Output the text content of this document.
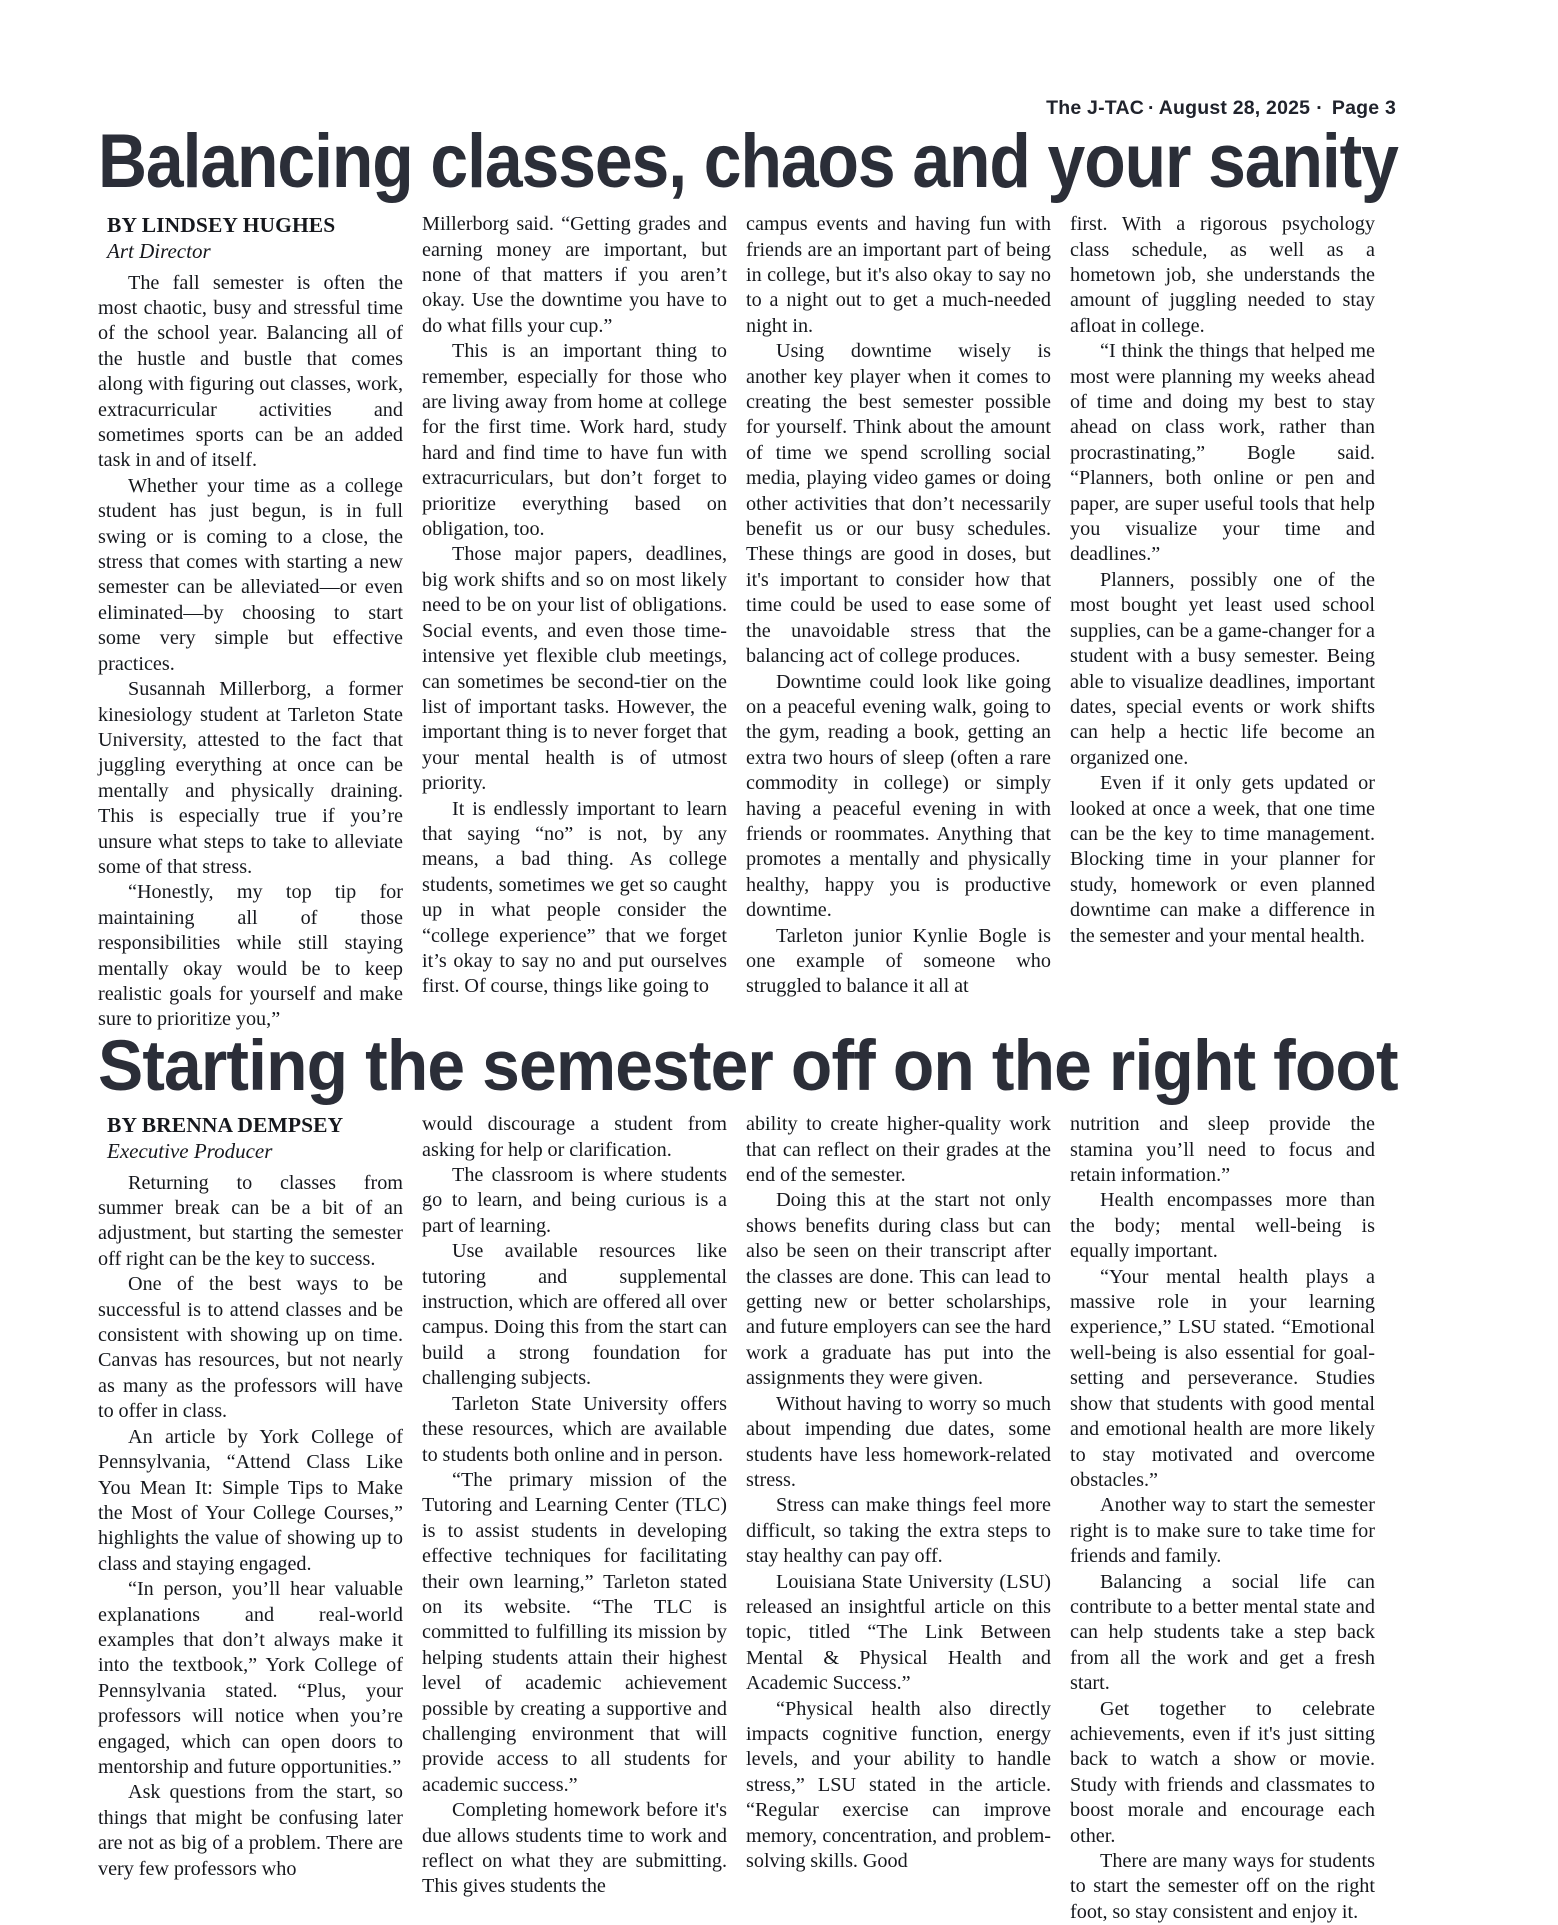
The J-TAC · August 28, 2025 · Page 3
Balancing classes, chaos and your sanity
BY LINDSEY HUGHES
Art Director

The fall semester is often the most chaotic, busy and stressful time of the school year. Balancing all of the hustle and bustle that comes along with figuring out classes, work, extracurricular activities and sometimes sports can be an added task in and of itself.

Whether your time as a college student has just begun, is in full swing or is coming to a close, the stress that comes with starting a new semester can be alleviated—or even eliminated—by choosing to start some very simple but effective practices.

Susannah Millerborg, a former kinesiology student at Tarleton State University, attested to the fact that juggling everything at once can be mentally and physically draining. This is especially true if you’re unsure what steps to take to alleviate some of that stress.

“Honestly, my top tip for maintaining all of those responsibilities while still staying mentally okay would be to keep realistic goals for yourself and make sure to prioritize you,”

Millerborg said. “Getting grades and earning money are important, but none of that matters if you aren’t okay. Use the downtime you have to do what fills your cup.”

This is an important thing to remember, especially for those who are living away from home at college for the first time. Work hard, study hard and find time to have fun with extracurriculars, but don’t forget to prioritize everything based on obligation, too.

Those major papers, deadlines, big work shifts and so on most likely need to be on your list of obligations. Social events, and even those time-intensive yet flexible club meetings, can sometimes be second-tier on the list of important tasks. However, the important thing is to never forget that your mental health is of utmost priority.

It is endlessly important to learn that saying “no” is not, by any means, a bad thing. As college students, sometimes we get so caught up in what people consider the “college experience” that we forget it’s okay to say no and put ourselves first. Of course, things like going to

campus events and having fun with friends are an important part of being in college, but it's also okay to say no to a night out to get a much-needed night in.

Using downtime wisely is another key player when it comes to creating the best semester possible for yourself. Think about the amount of time we spend scrolling social media, playing video games or doing other activities that don’t necessarily benefit us or our busy schedules. These things are good in doses, but it's important to consider how that time could be used to ease some of the unavoidable stress that the balancing act of college produces.

Downtime could look like going on a peaceful evening walk, going to the gym, reading a book, getting an extra two hours of sleep (often a rare commodity in college) or simply having a peaceful evening in with friends or roommates. Anything that promotes a mentally and physically healthy, happy you is productive downtime.

Tarleton junior Kynlie Bogle is one example of someone who struggled to balance it all at

first. With a rigorous psychology class schedule, as well as a hometown job, she understands the amount of juggling needed to stay afloat in college.

“I think the things that helped me most were planning my weeks ahead of time and doing my best to stay ahead on class work, rather than procrastinating,” Bogle said. “Planners, both online or pen and paper, are super useful tools that help you visualize your time and deadlines.”

Planners, possibly one of the most bought yet least used school supplies, can be a game-changer for a student with a busy semester. Being able to visualize deadlines, important dates, special events or work shifts can help a hectic life become an organized one.

Even if it only gets updated or looked at once a week, that one time can be the key to time management. Blocking time in your planner for study, homework or even planned downtime can make a difference in the semester and your mental health.

Starting the semester off on the right foot
BY BRENNA DEMPSEY
Executive Producer

Returning to classes from summer break can be a bit of an adjustment, but starting the semester off right can be the key to success.

One of the best ways to be successful is to attend classes and be consistent with showing up on time. Canvas has resources, but not nearly as many as the professors will have to offer in class.

An article by York College of Pennsylvania, “Attend Class Like You Mean It: Simple Tips to Make the Most of Your College Courses,” highlights the value of showing up to class and staying engaged.

“In person, you’ll hear valuable explanations and real-world examples that don’t always make it into the textbook,” York College of Pennsylvania stated. “Plus, your professors will notice when you’re engaged, which can open doors to mentorship and future opportunities.”

Ask questions from the start, so things that might be confusing later are not as big of a problem. There are very few professors who

would discourage a student from asking for help or clarification.

The classroom is where students go to learn, and being curious is a part of learning.

Use available resources like tutoring and supplemental instruction, which are offered all over campus. Doing this from the start can build a strong foundation for challenging subjects.

Tarleton State University offers these resources, which are available to students both online and in person.

“The primary mission of the Tutoring and Learning Center (TLC) is to assist students in developing effective techniques for facilitating their own learning,” Tarleton stated on its website. “The TLC is committed to fulfilling its mission by helping students attain their highest level of academic achievement possible by creating a supportive and challenging environment that will provide access to all students for academic success.”

Completing homework before it's due allows students time to work and reflect on what they are submitting. This gives students the

ability to create higher-quality work that can reflect on their grades at the end of the semester.

Doing this at the start not only shows benefits during class but can also be seen on their transcript after the classes are done. This can lead to getting new or better scholarships, and future employers can see the hard work a graduate has put into the assignments they were given.

Without having to worry so much about impending due dates, some students have less homework-related stress.

Stress can make things feel more difficult, so taking the extra steps to stay healthy can pay off.

Louisiana State University (LSU) released an insightful article on this topic, titled “The Link Between Mental & Physical Health and Academic Success.”

“Physical health also directly impacts cognitive function, energy levels, and your ability to handle stress,” LSU stated in the article. “Regular exercise can improve memory, concentration, and problem-solving skills. Good

nutrition and sleep provide the stamina you’ll need to focus and retain information.”

Health encompasses more than the body; mental well-being is equally important.

“Your mental health plays a massive role in your learning experience,” LSU stated. “Emotional well-being is also essential for goal-setting and perseverance. Studies show that students with good mental and emotional health are more likely to stay motivated and overcome obstacles.”

Another way to start the semester right is to make sure to take time for friends and family.

Balancing a social life can contribute to a better mental state and can help students take a step back from all the work and get a fresh start.

Get together to celebrate achievements, even if it's just sitting back to watch a show or movie. Study with friends and classmates to boost morale and encourage each other.

There are many ways for students to start the semester off on the right foot, so stay consistent and enjoy it.
